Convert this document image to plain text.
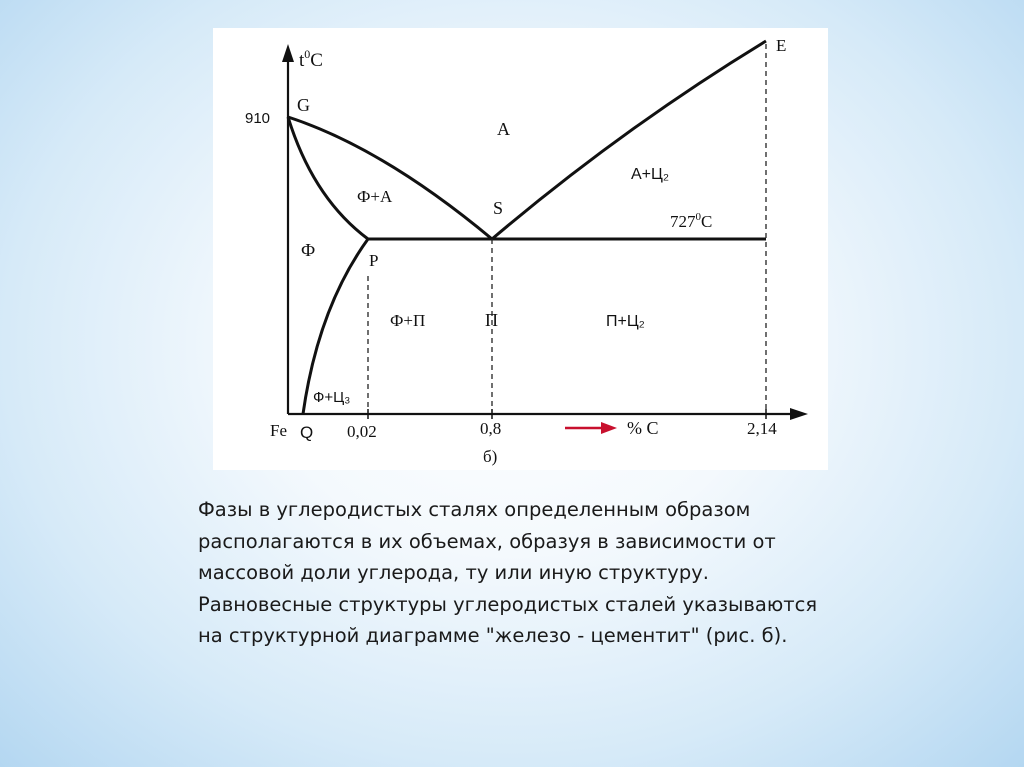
$t^0C$
910
Fe Q 0,02	0,8	2,14
% C
б)
G
E
S
P
A
А+Ц₂
Ф+А
Ф
Ф+П	П	П+Ц₂
Ф+Ц₃
$727^0C$

Фазы в углеродистых сталях определенным образом располагаются в их объемах, образуя в зависимости от массовой доли углерода, ту или иную структуру. Равновесные структуры углеродистых сталей указываются на структурной диаграмме "железо - цементит" (рис. б).
